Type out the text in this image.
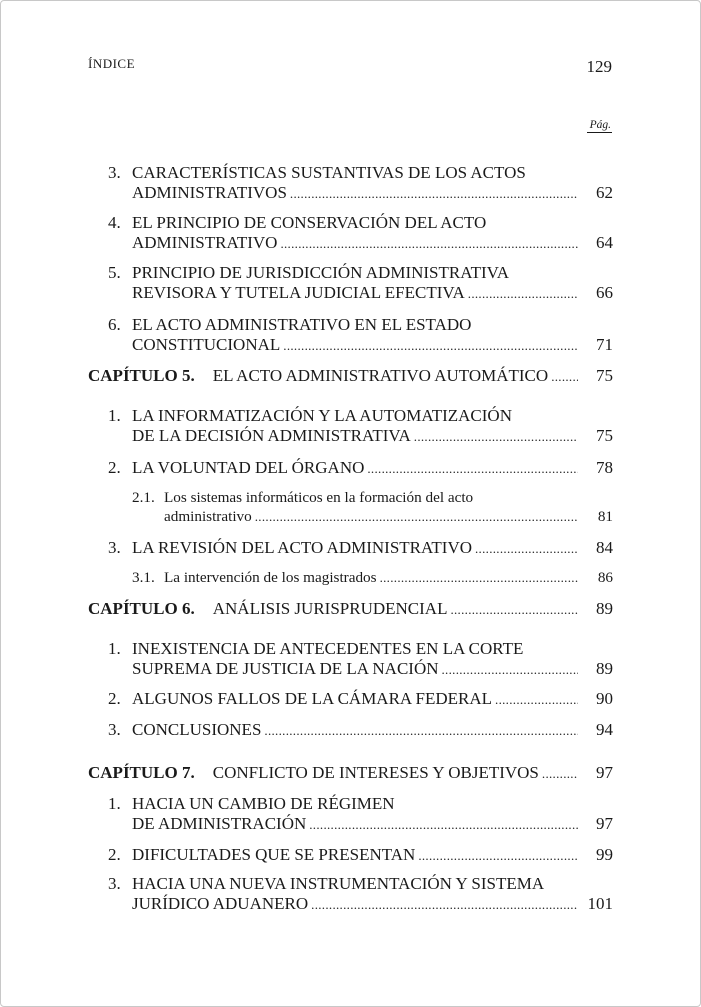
ÍNDICE	129
Pág.
3. CARACTERÍSTICAS SUSTANTIVAS DE LOS ACTOS
ADMINISTRATIVOS .....	62
4. EL PRINCIPIO DE CONSERVACIÓN DEL ACTO
ADMINISTRATIVO .....	64
5. PRINCIPIO DE JURISDICCIÓN ADMINISTRATIVA
REVISORA Y TUTELA JUDICIAL EFECTIVA .....	66
6. EL ACTO ADMINISTRATIVO EN EL ESTADO
CONSTITUCIONAL .....	71
CAPÍTULO 5. EL ACTO ADMINISTRATIVO AUTOMÁTICO .....	75
1. LA INFORMATIZACIÓN Y LA AUTOMATIZACIÓN
DE LA DECISIÓN ADMINISTRATIVA .....	75
2. LA VOLUNTAD DEL ÓRGANO .....	78
2.1. Los sistemas informáticos en la formación del acto
administrativo .....	81
3. LA REVISIÓN DEL ACTO ADMINISTRATIVO .....	84
3.1. La intervención de los magistrados .....	86
CAPÍTULO 6. ANÁLISIS JURISPRUDENCIAL .....	89
1. INEXISTENCIA DE ANTECEDENTES EN LA CORTE
SUPREMA DE JUSTICIA DE LA NACIÓN .....	89
2. ALGUNOS FALLOS DE LA CÁMARA FEDERAL .....	90
3. CONCLUSIONES .....	94
CAPÍTULO 7. CONFLICTO DE INTERESES Y OBJETIVOS .....	97
1. HACIA UN CAMBIO DE RÉGIMEN
DE ADMINISTRACIÓN .....	97
2. DIFICULTADES QUE SE PRESENTAN .....	99
3. HACIA UNA NUEVA INSTRUMENTACIÓN Y SISTEMA
JURÍDICO ADUANERO .....	101
